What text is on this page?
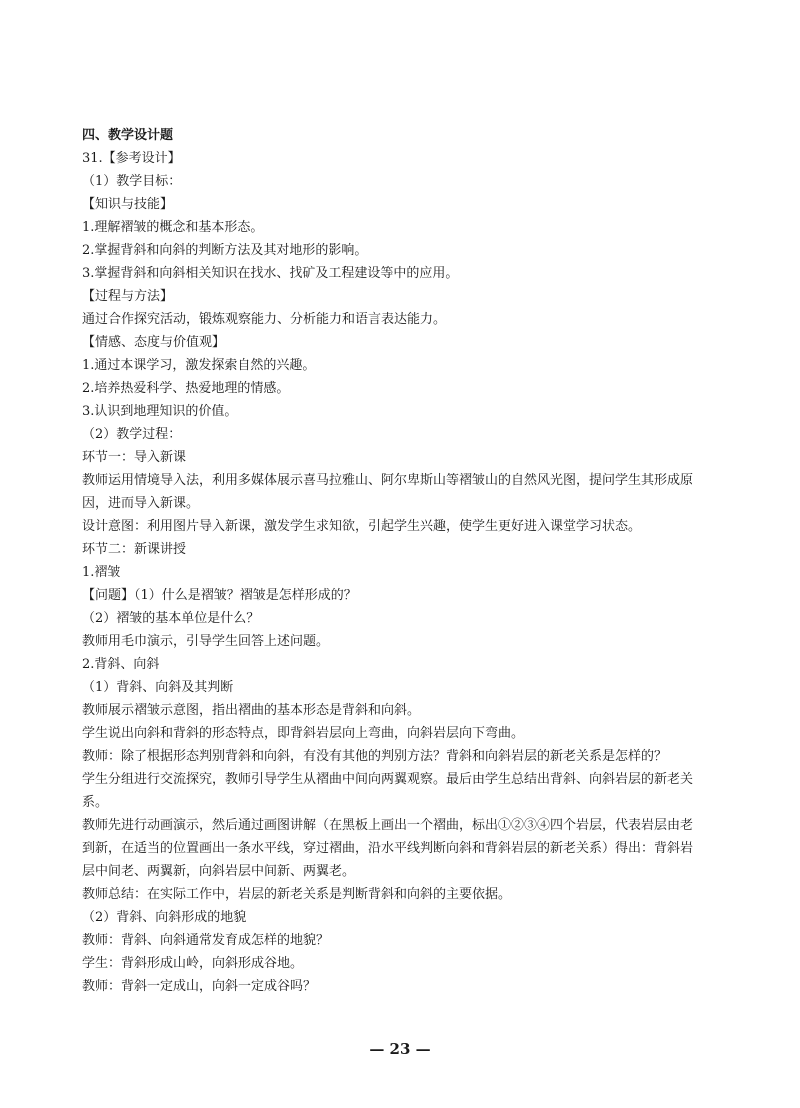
四、教学设计题
31.【参考设计】
（1）教学目标：
【知识与技能】
1.理解褶皱的概念和基本形态。
2.掌握背斜和向斜的判断方法及其对地形的影响。
3.掌握背斜和向斜相关知识在找水、找矿及工程建设等中的应用。
【过程与方法】
通过合作探究活动，锻炼观察能力、分析能力和语言表达能力。
【情感、态度与价值观】
1.通过本课学习，激发探索自然的兴趣。
2.培养热爱科学、热爱地理的情感。
3.认识到地理知识的价值。
（2）教学过程：
环节一：导入新课
教师运用情境导入法，利用多媒体展示喜马拉雅山、阿尔卑斯山等褶皱山的自然风光图，提问学生其形成原因，进而导入新课。
设计意图：利用图片导入新课，激发学生求知欲，引起学生兴趣，使学生更好进入课堂学习状态。
环节二：新课讲授
1.褶皱
【问题】（1）什么是褶皱？褶皱是怎样形成的？
（2）褶皱的基本单位是什么？
教师用毛巾演示，引导学生回答上述问题。
2.背斜、向斜
（1）背斜、向斜及其判断
教师展示褶皱示意图，指出褶曲的基本形态是背斜和向斜。
学生说出向斜和背斜的形态特点，即背斜岩层向上弯曲，向斜岩层向下弯曲。
教师：除了根据形态判别背斜和向斜，有没有其他的判别方法？背斜和向斜岩层的新老关系是怎样的？
学生分组进行交流探究，教师引导学生从褶曲中间向两翼观察。最后由学生总结出背斜、向斜岩层的新老关系。
教师先进行动画演示，然后通过画图讲解（在黑板上画出一个褶曲，标出①②③④四个岩层，代表岩层由老到新，在适当的位置画出一条水平线，穿过褶曲，沿水平线判断向斜和背斜岩层的新老关系）得出：背斜岩层中间老、两翼新，向斜岩层中间新、两翼老。
教师总结：在实际工作中，岩层的新老关系是判断背斜和向斜的主要依据。
（2）背斜、向斜形成的地貌
教师：背斜、向斜通常发育成怎样的地貌？
学生：背斜形成山岭，向斜形成谷地。
教师：背斜一定成山，向斜一定成谷吗？
— 23 —
